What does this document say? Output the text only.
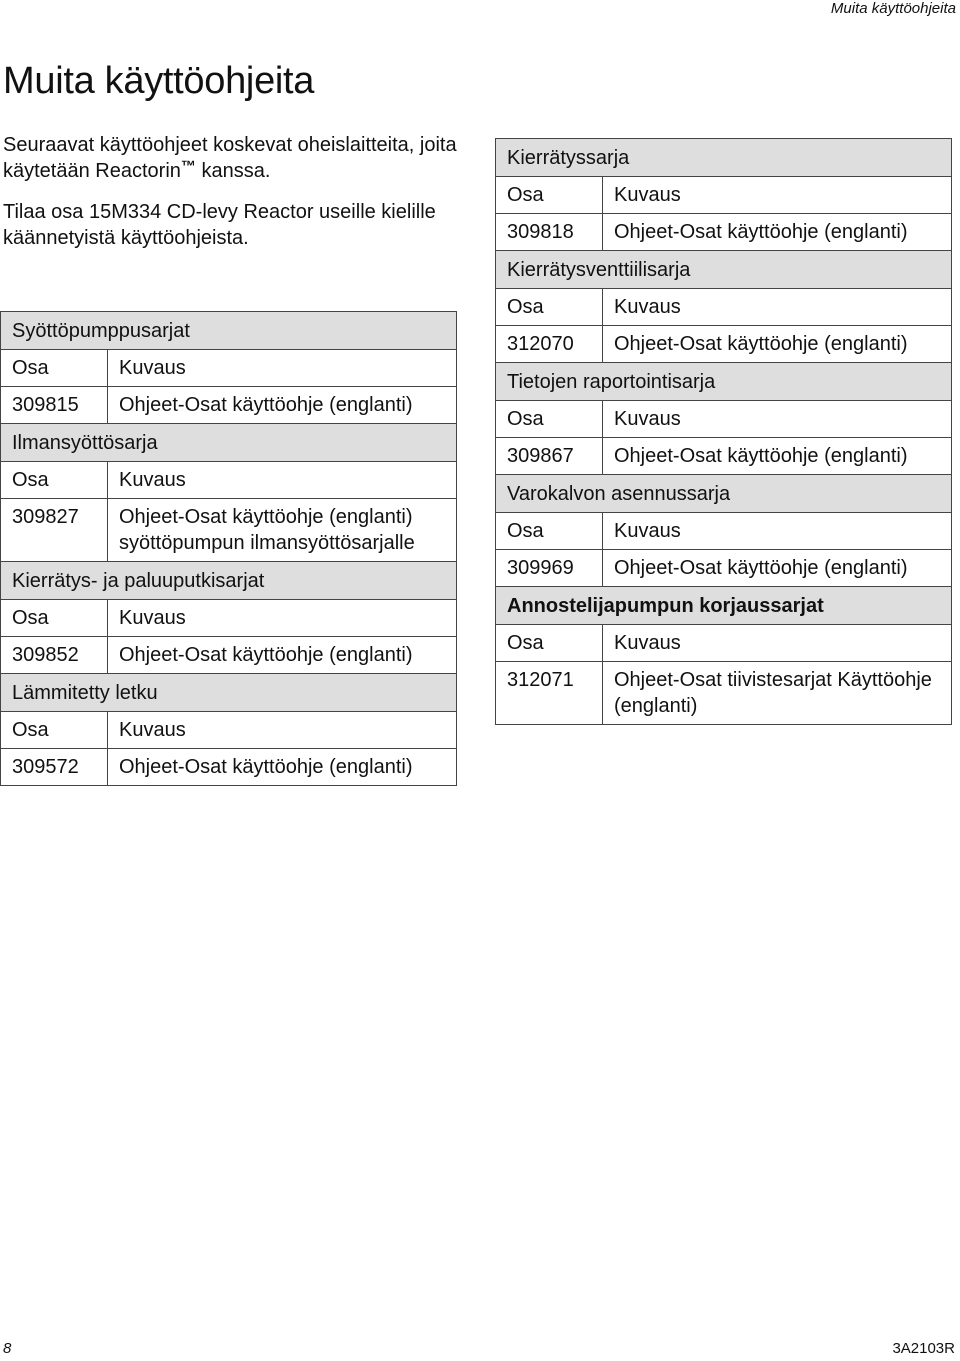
Muita käyttöohjeita
Muita käyttöohjeita

Seuraavat käyttöohjeet koskevat oheislaitteita, joita käytetään Reactorin™ kanssa.

Tilaa osa 15M334 CD-levy Reactor useille kielille käännetyistä käyttöohjeista.

Syöttöpumppusarjat	
Osa	Kuvaus
309815	Ohjeet-Osat käyttöohje (englanti)
Ilmansyöttösarja	
Osa	Kuvaus
309827	Ohjeet-Osat käyttöohje (englanti) syöttöpumpun ilmansyöttösarjalle
Kierrätys- ja paluuputkisarjat	
Osa	Kuvaus
309852	Ohjeet-Osat käyttöohje (englanti)
Lämmitetty letku	
Osa	Kuvaus
309572	Ohjeet-Osat käyttöohje (englanti)
Kierrätyssarja	
Osa	Kuvaus
309818	Ohjeet-Osat käyttöohje (englanti)
Kierrätysventtiilisarja	
Osa	Kuvaus
312070	Ohjeet-Osat käyttöohje (englanti)
Tietojen raportointisarja	
Osa	Kuvaus
309867	Ohjeet-Osat käyttöohje (englanti)
Varokalvon asennussarja	
Osa	Kuvaus
309969	Ohjeet-Osat käyttöohje (englanti)
Annostelijapumpun korjaussarjat	
Osa	Kuvaus
312071	Ohjeet-Osat tiivistesarjat Käyttöohje (englanti)
8	3A2103R
